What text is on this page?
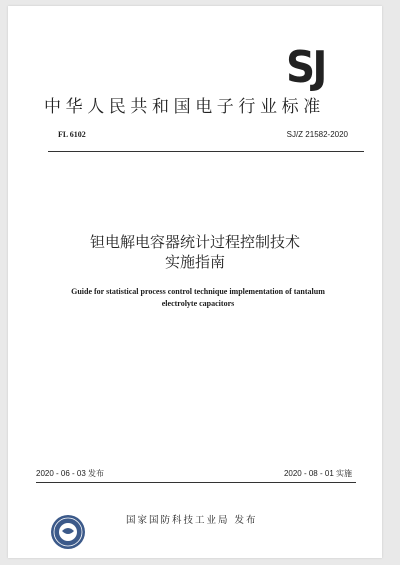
SJ
中华人民共和国电子行业标准
FL 6102	SJ/Z 21582-2020
钽电解电容器统计过程控制技术
实施指南
Guide for statistical process control technique implementation of tantalum
electrolyte capacitors
2020 - 06 - 03 发布	2020 - 08 - 01 实施
国家国防科技工业局 发布
